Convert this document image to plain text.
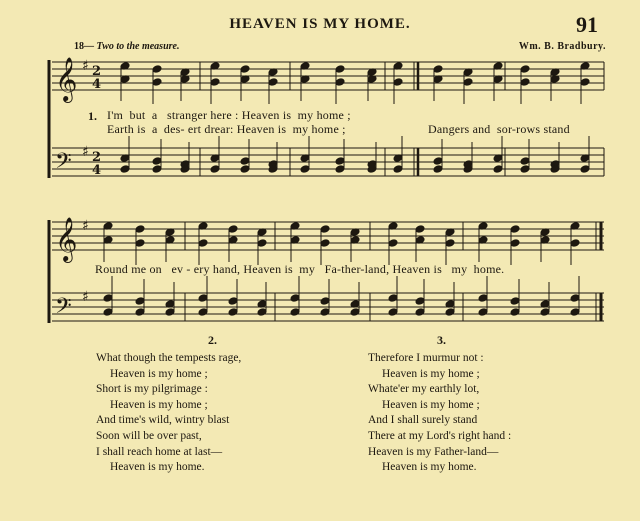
HEAVEN IS MY HOME.	91
18— Two to the measure.	Wm. B. Bradbury.
𝄞
𝄢
𝄞
𝄢
♯
♯
♯
♯
2
4
2
4
1. I'm  but  a   stranger here : Heaven is  my home ;
Earth is  a  des- ert drear: Heaven is  my home ;	Dangers and  sor-rows stand
Round me on   ev - ery hand, Heaven is  my   Fa-ther-land, Heaven is   my  home.
2.
What though the tempests rage,
Heaven is my home ;
Short is my pilgrimage :
Heaven is my home ;
And time's wild, wintry blast
Soon will be over past,
I shall reach home at last—
Heaven is my home.
3.
Therefore I murmur not :
Heaven is my home ;
Whate'er my earthly lot,
Heaven is my home ;
And I shall surely stand
There at my Lord's right hand :
Heaven is my Father-land—
Heaven is my home.
